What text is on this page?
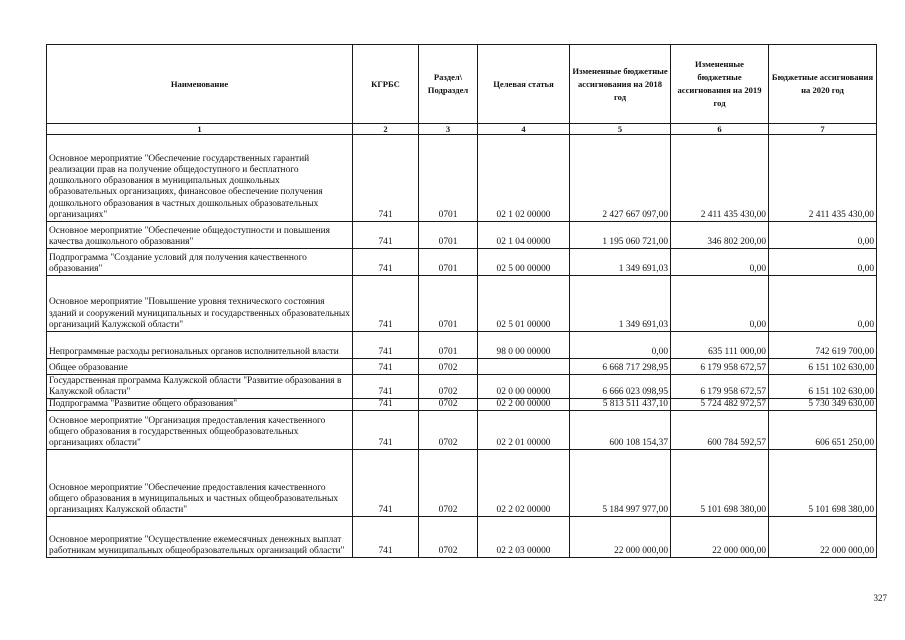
Наименование	КГРБС	Раздел\ Подраздел	Целевая статья	Измененные бюджетные ассигнования на 2018 год	Измененные бюджетные ассигнования на 2019 год	Бюджетные ассигнования на 2020 год
1	2	3	4	5	6	7
Основное мероприятие "Обеспечение государственных гарантий реализации прав на получение общедоступного и бесплатного дошкольного образования в муниципальных дошкольных образовательных организациях, финансовое обеспечение получения дошкольного образования в частных дошкольных образовательных организациях"	741	0701	02 1 02 00000	2 427 667 097,00	2 411 435 430,00	2 411 435 430,00
Основное мероприятие "Обеспечение общедоступности и повышения качества дошкольного образования"	741	0701	02 1 04 00000	1 195 060 721,00	346 802 200,00	0,00
Подпрограмма "Создание условий для получения качественного образования"	741	0701	02 5 00 00000	1 349 691,03	0,00	0,00
Основное мероприятие "Повышение уровня технического состояния зданий и сооружений муниципальных и государственных образовательных организаций Калужской области"	741	0701	02 5 01 00000	1 349 691,03	0,00	0,00
Непрограммные расходы региональных органов исполнительной власти	741	0701	98 0 00 00000	0,00	635 111 000,00	742 619 700,00
Общее образование	741	0702		6 668 717 298,95	6 179 958 672,57	6 151 102 630,00
Государственная программа Калужской области "Развитие образования в Калужской области"	741	0702	02 0 00 00000	6 666 023 098,95	6 179 958 672,57	6 151 102 630,00
Подпрограмма "Развитие общего образования"	741	0702	02 2 00 00000	5 813 511 437,10	5 724 482 972,57	5 730 349 630,00
Основное мероприятие "Организация предоставления качественного общего образования в государственных общеобразовательных организациях области"	741	0702	02 2 01 00000	600 108 154,37	600 784 592,57	606 651 250,00
Основное мероприятие "Обеспечение предоставления качественного общего образования в муниципальных и частных общеобразовательных организациях Калужской области"	741	0702	02 2 02 00000	5 184 997 977,00	5 101 698 380,00	5 101 698 380,00
Основное мероприятие "Осуществление ежемесячных денежных выплат работникам муниципальных общеобразовательных организаций области"	741	0702	02 2 03 00000	22 000 000,00	22 000 000,00	22 000 000,00
327
